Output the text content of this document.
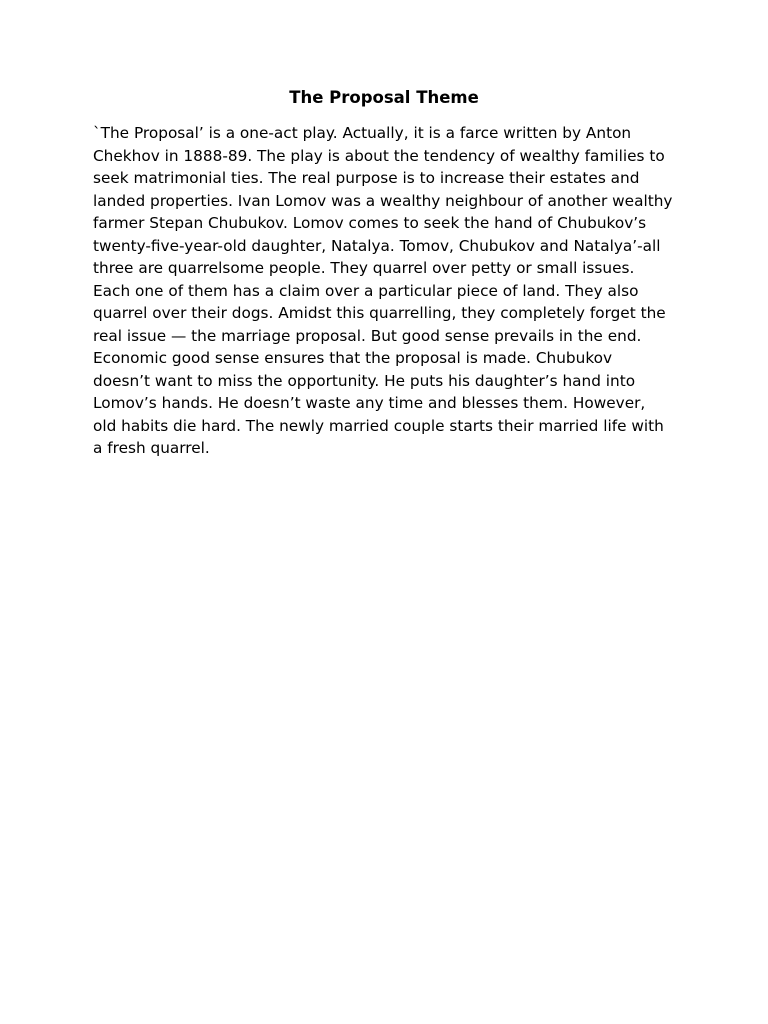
The Proposal Theme

`The Proposal’ is a one-act play. Actually, it is a farce written by Anton Chekhov in 1888-89. The play is about the tendency of wealthy families to seek matrimonial ties. The real purpose is to increase their estates and landed properties. Ivan Lomov was a wealthy neighbour of another wealthy farmer Stepan Chubukov. Lomov comes to seek the hand of Chubukov’s twenty-five-year-old daughter, Natalya. Tomov, Chubukov and Natalya’-all three are quarrelsome people. They quarrel over petty or small issues. Each one of them has a claim over a particular piece of land. They also quarrel over their dogs. Amidst this quarrelling, they completely forget the real issue — the marriage proposal. But good sense prevails in the end. Economic good sense ensures that the proposal is made. Chubukov doesn’t want to miss the opportunity. He puts his daughter’s hand into Lomov’s hands. He doesn’t waste any time and blesses them. However, old habits die hard. The newly married couple starts their married life with a fresh quarrel.
